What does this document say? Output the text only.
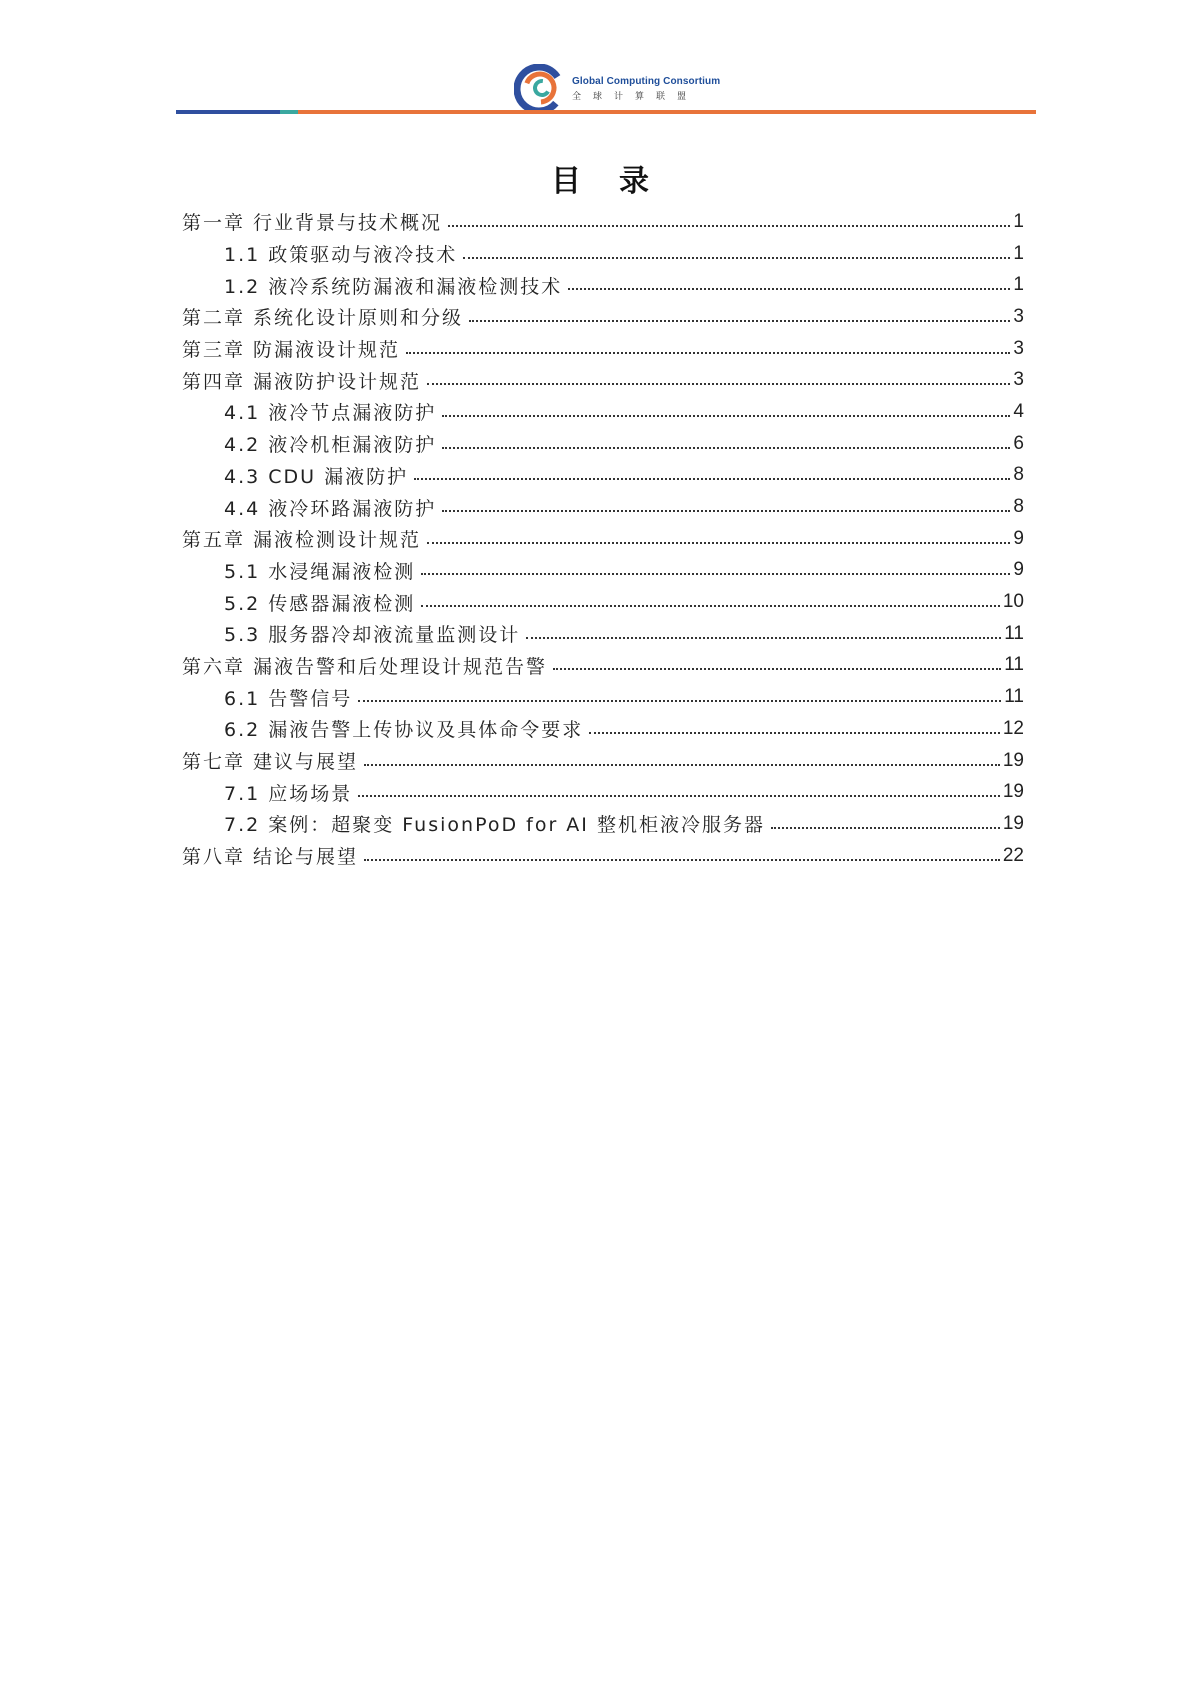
Global Computing Consortium
全球计算联盟
目录
第一章 行业背景与技术概况	1
1.1 政策驱动与液冷技术	1
1.2 液冷系统防漏液和漏液检测技术	1
第二章 系统化设计原则和分级	3
第三章 防漏液设计规范	3
第四章 漏液防护设计规范	3
4.1 液冷节点漏液防护	4
4.2 液冷机柜漏液防护	6
4.3 CDU 漏液防护	8
4.4 液冷环路漏液防护	8
第五章 漏液检测设计规范	9
5.1 水浸绳漏液检测	9
5.2 传感器漏液检测	10
5.3 服务器冷却液流量监测设计	11
第六章 漏液告警和后处理设计规范告警	11
6.1 告警信号	11
6.2 漏液告警上传协议及具体命令要求	12
第七章 建议与展望	19
7.1 应场场景	19
7.2 案例：超聚变 FusionPoD for AI 整机柜液冷服务器	19
第八章 结论与展望	22
